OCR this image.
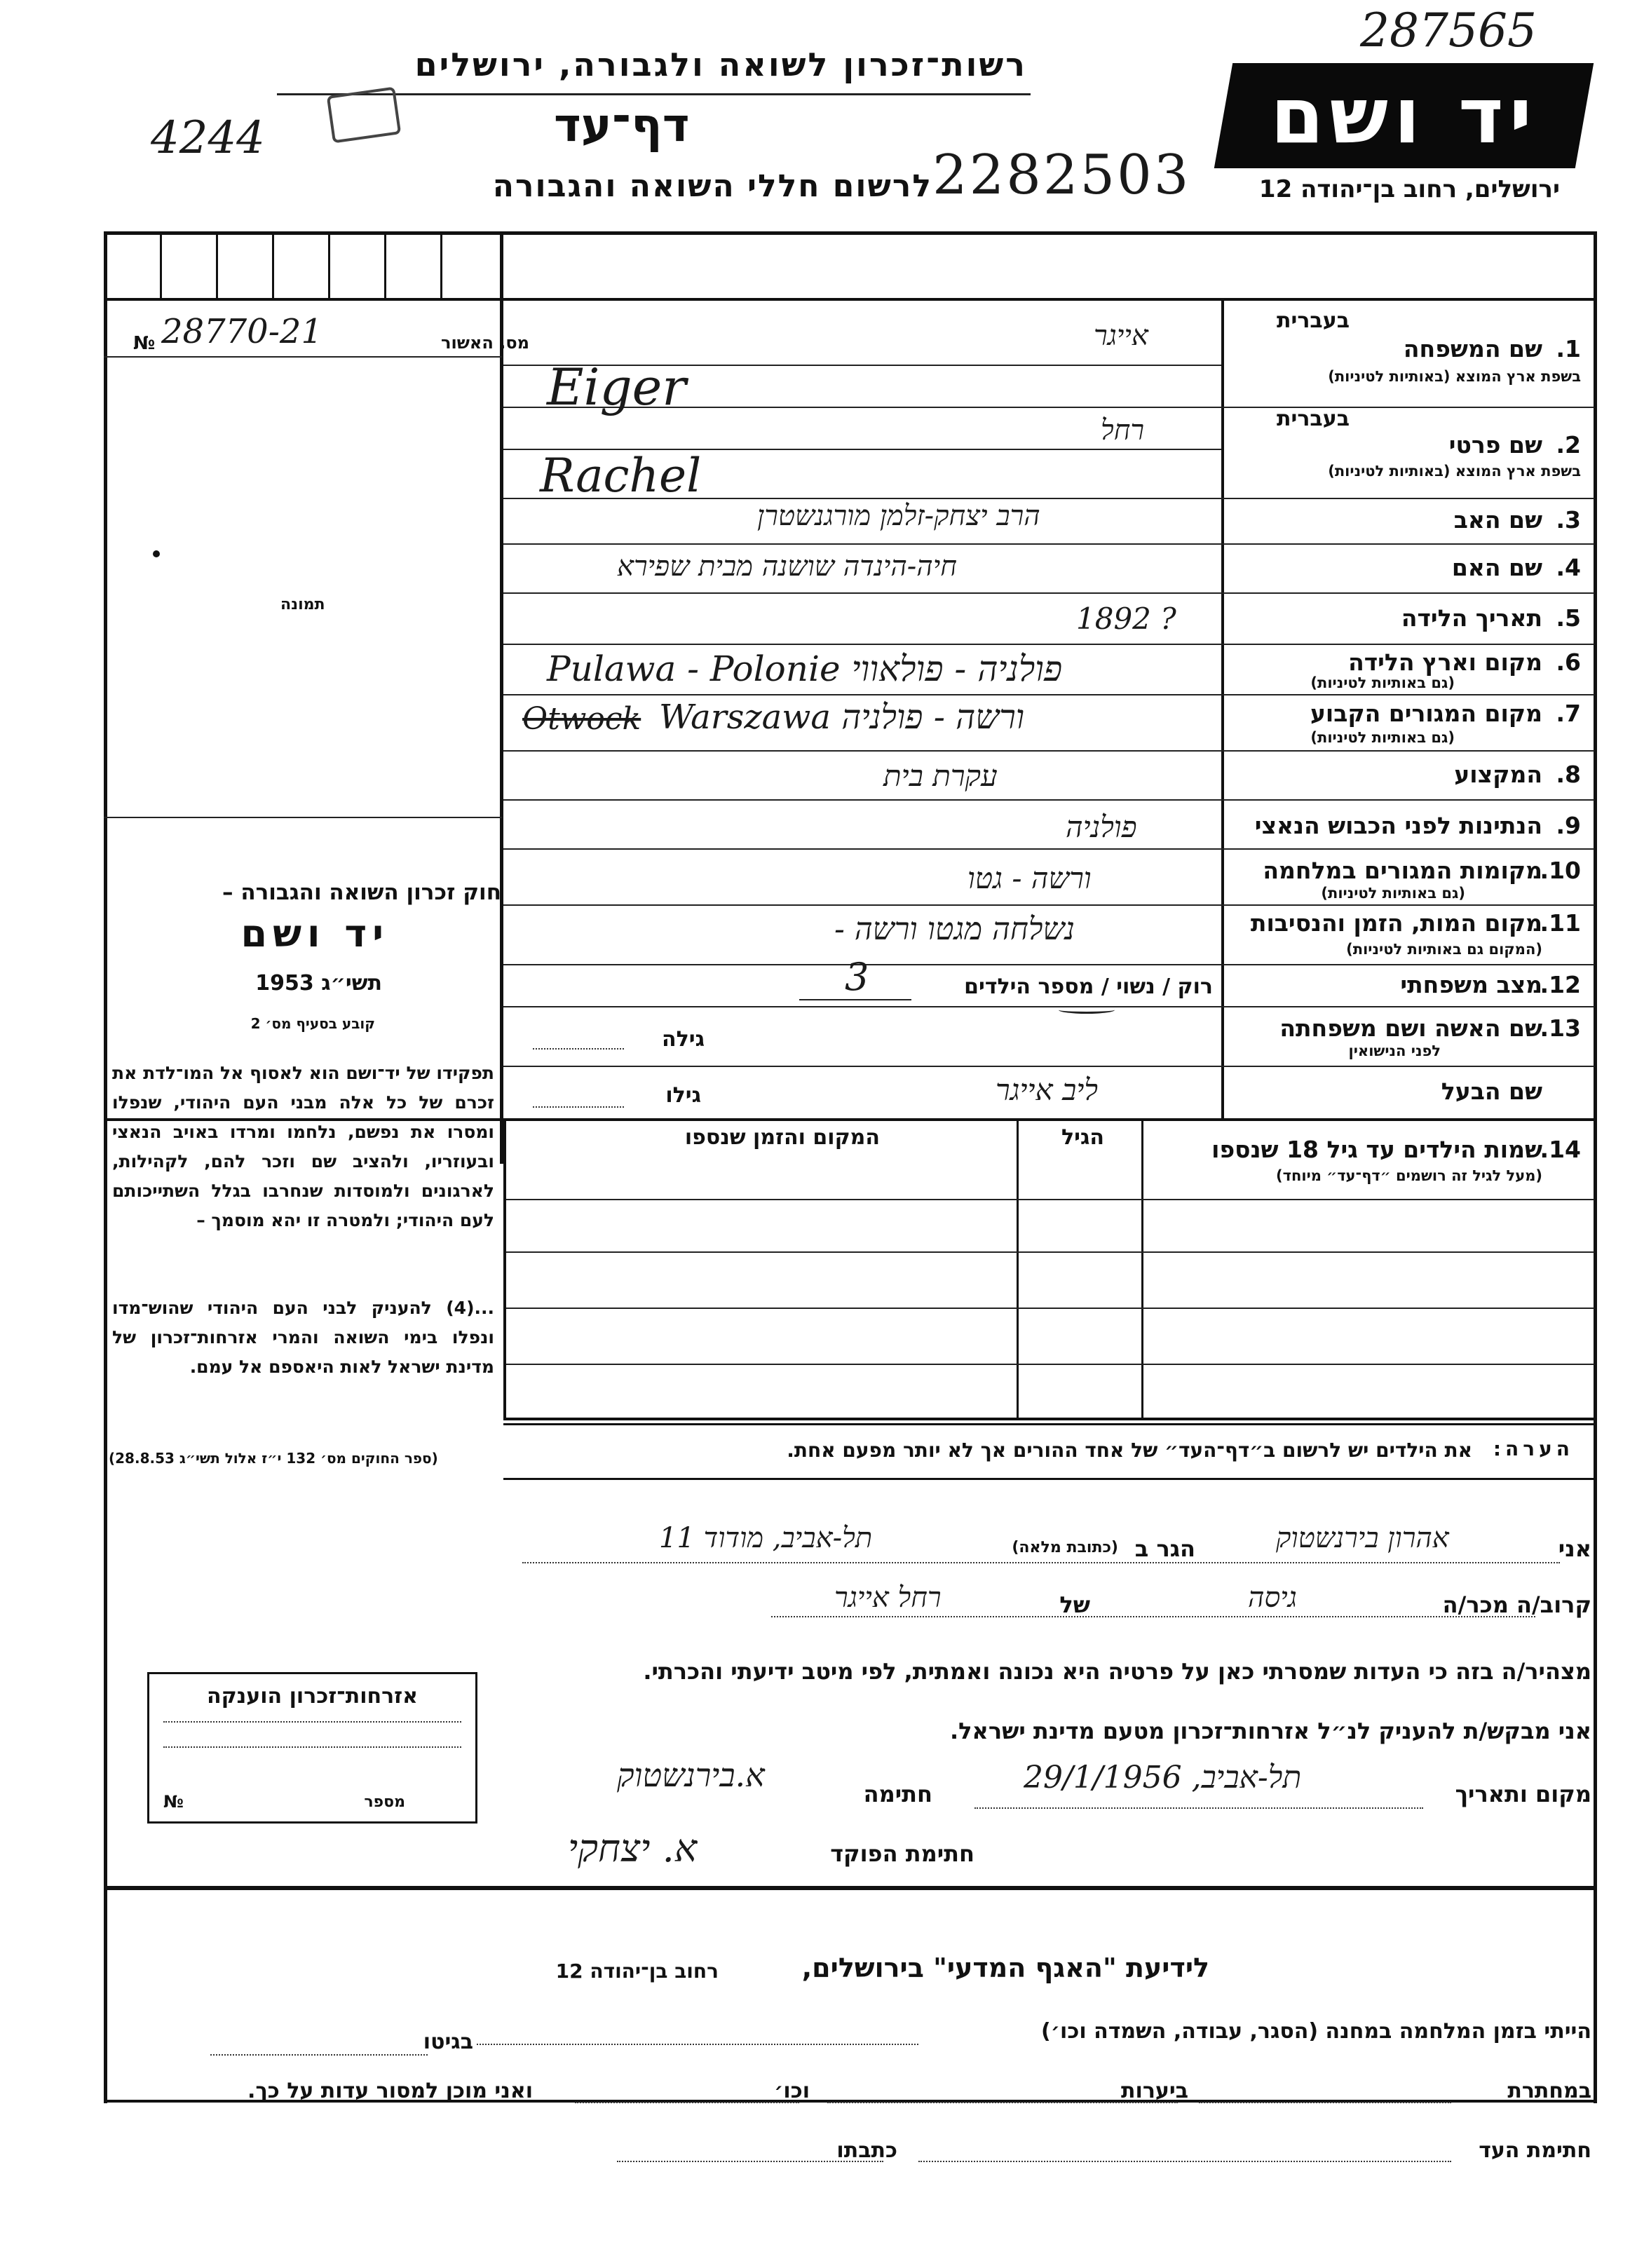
רשות־זכרון לשואה ולגבורה, ירושלים
דף־עד
לרשום חללי השואה והגבורה 2282503
287565
4244	יד ושם
ירושלים, רחוב בן־יהודה 12
מס. האשור
28770-21
№
תמונה
חוק זכרון השואה והגבורה –
יד ושם
תשי״ג 1953
קובע בסעיף מס׳ 2
תפקידו של יד־ושם הוא לאסוף אל המו־לדת את זכרם של כל אלה מבני העם היהודי, שנפלו ומסרו את נפשם, נלחמו ומרדו באויב הנאצי ובעוזריו, ולהציב שם וזכר להם, לקהילות, לארגונים ולמוסדות שנחרבו בגלל השתייכותם לעם היהודי; ולמטרה זו יהא מוסמך –
...(4) להעניק לבני העם היהודי שהוש־מדו ונפלו בימי השואה והמרי אזרחות־זכרון של מדינת ישראל לאות היאספם אל עמם.
(ספר החוקים מס׳ 132 י״ז אלול תשי״ג 28.8.53)
בעברית
1.
שם המשפחה
בשפת ארץ המוצא (באותיות לטיניות)
אייגר
Eiger
בעברית
2.
שם פרטי
בשפת ארץ המוצא (באותיות לטיניות)
רחל
Rachel
3.
שם האב
הרב יצחק-זלמן מורגנשטרן
4.
שם האם
חיה-הינדה שושנה מבית שפירא
5.
תאריך הלידה
? 1892
6.
מקום וארץ הלידה
(גם באותיות לטיניות)
Pulawa - Polonie פולניה - פולאווי
7.
מקום המגורים הקבוע
(גם באותיות לטיניות)
Otwock Warszawa ורשה - פולניה
8.
המקצוע
עקרת בית
9.
הנתינות לפני הכבוש הנאצי
פולניה
10.
מקומות המגורים במלחמה
(גם באותיות לטיניות)
ורשה - גטו
11.
מקום המות, הזמן והנסיבות
(המקום גם באותיות לטיניות)
נשלחה מגטו ורשה -
12.
מצב משפחתי
רוק / נשוי / מספר הילדים
3
13.
שם האשה ושם משפחתה
לפני הנישואין
גילה
שם הבעל
ליב אייגר
גילו
14.
שמות הילדים עד גיל 18 שנספו
(מעל לגיל זה רושמים ״דף־עד״ מיוחד)
הגיל
המקום והזמן שנספו
הערה:
את הילדים יש לרשום ב״דף־העד״ של אחד ההורים אך לא יותר מפעם אחת.
אני
אהרון בירנשטוק
הגר ב
(כתובת מלאה)
תל-אביב, מודוד 11
קרוב/ה מכר/ה
גיסה
של
רחל אייגר
מצהיר/ה בזה כי העדות שמסרתי כאן על פרטיה היא נכונה ואמתית, לפי מיטב ידיעתי והכרתי.
אני מבקש/ת להעניק לנ״ל אזרחות־זכרון מטעם מדינת ישראל.
מקום ותאריך
תל-אביב, 29/1/1956
חתימה
א.בירנשטוק
חתימת הפוקד
א. יצחקי
אזרחות־זכרון הוענקה
מספר
№
לידיעת "האגף המדעי" בירושלים,
רחוב בן־יהודה 12
הייתי בזמן המלחמה במחנה (הסגר, עבודה, השמדה וכו׳)
בגיטו
במחתרת
ביערות
וכו׳
ואני מוכן למסור עדות על כך.
חתימת העד
כתבתו
